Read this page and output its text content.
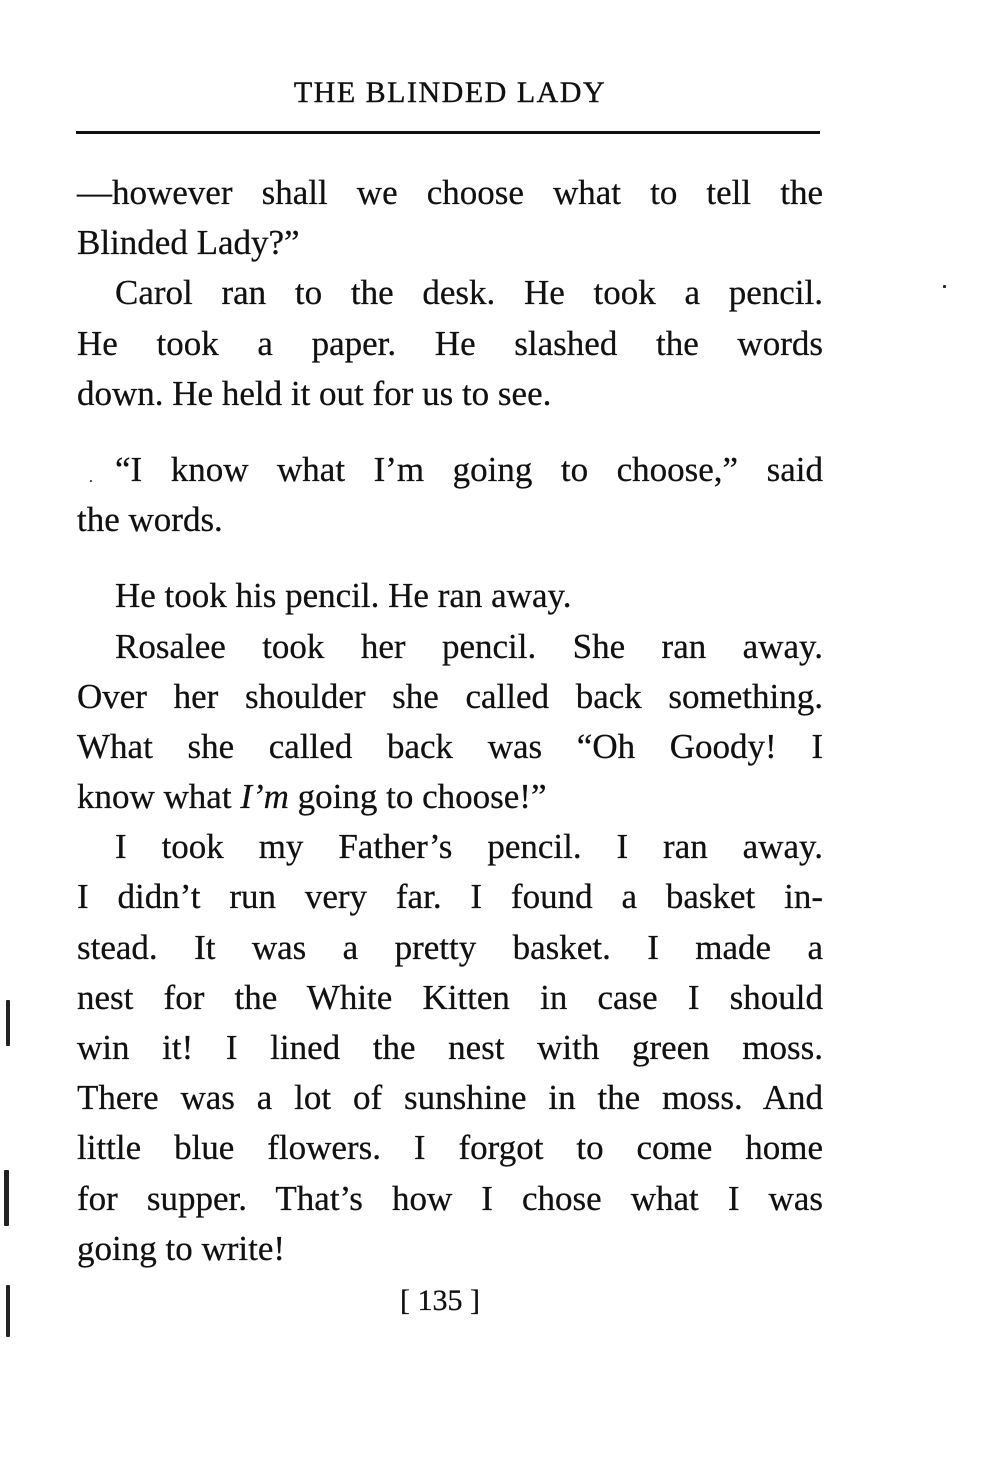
THE BLINDED LADY
—however shall we choose what to tell the
Blinded Lady?”
Carol ran to the desk. He took a pencil.
He took a paper. He slashed the words
down. He held it out for us to see.
“I know what I’m going to choose,” said
the words.
He took his pencil. He ran away.
Rosalee took her pencil. She ran away.
Over her shoulder she called back something.
What she called back was “Oh Goody! I
know what I’m going to choose!”
I took my Father’s pencil. I ran away.
I didn’t run very far. I found a basket in-
stead. It was a pretty basket. I made a
nest for the White Kitten in case I should
win it! I lined the nest with green moss.
There was a lot of sunshine in the moss. And
little blue flowers. I forgot to come home
for supper. That’s how I chose what I was
going to write!
[ 135 ]
